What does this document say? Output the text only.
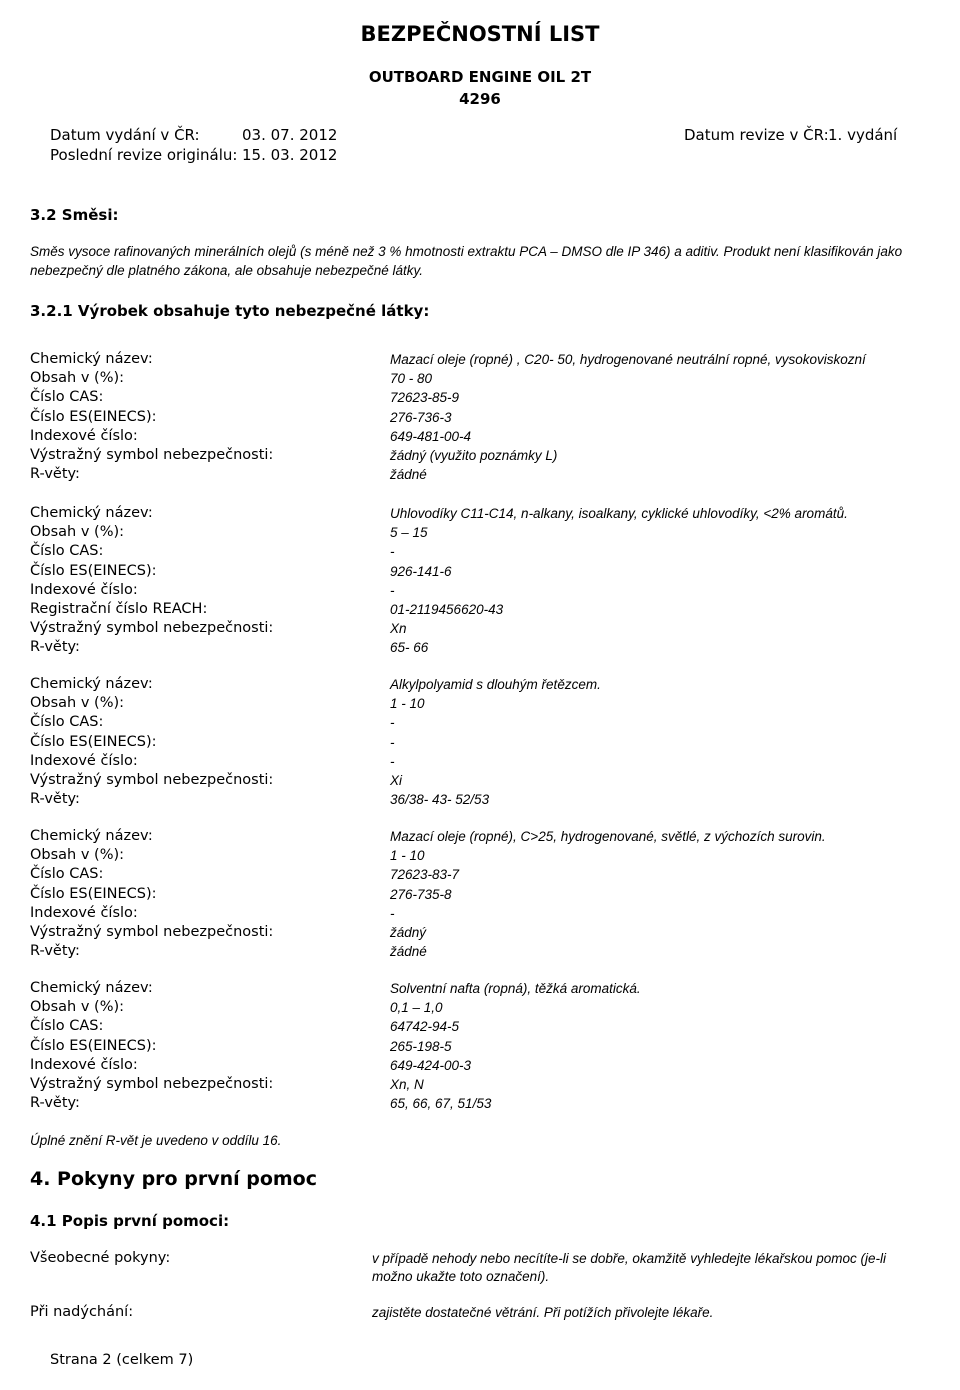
BEZPEČNOSTNÍ LIST
OUTBOARD ENGINE OIL 2T
4296
Datum vydání v ČR:	03. 07. 2012
Poslední revize originálu: 15. 03. 2012
Datum revize v ČR: 1. vydání
3.2 Směsi:
Směs vysoce rafinovaných minerálních olejů (s méně než 3 % hmotnosti extraktu PCA – DMSO dle IP 346) a aditiv. Produkt není klasifikován jako
nebezpečný dle platného zákona, ale obsahuje nebezpečné látky.
3.2.1 Výrobek obsahuje tyto nebezpečné látky:
Chemický název:	Mazací oleje (ropné) , C20- 50, hydrogenované neutrální ropné, vysokoviskozní
Obsah v (%):	70 - 80
Číslo CAS:	72623-85-9
Číslo ES(EINECS):	276-736-3
Indexové číslo:	649-481-00-4
Výstražný symbol nebezpečnosti:	žádný (využito poznámky L)
R-věty:	žádné
Chemický název:	Uhlovodíky C11-C14, n-alkany, isoalkany, cyklické uhlovodíky, <2% aromátů.
Obsah v (%):	5 – 15
Číslo CAS:	-
Číslo ES(EINECS):	926-141-6
Indexové číslo:	-
Registrační číslo REACH:	01-2119456620-43
Výstražný symbol nebezpečnosti:	Xn
R-věty:	65- 66
Chemický název:	Alkylpolyamid s dlouhým řetězcem.
Obsah v (%):	1 - 10
Číslo CAS:	-
Číslo ES(EINECS):	-
Indexové číslo:	-
Výstražný symbol nebezpečnosti:	Xi
R-věty:	36/38- 43- 52/53
Chemický název:	Mazací oleje (ropné), C>25, hydrogenované, světlé, z výchozích surovin.
Obsah v (%):	1 - 10
Číslo CAS:	72623-83-7
Číslo ES(EINECS):	276-735-8
Indexové číslo:	-
Výstražný symbol nebezpečnosti:	žádný
R-věty:	žádné
Chemický název:	Solventní nafta (ropná), těžká aromatická.
Obsah v (%):	0,1 – 1,0
Číslo CAS:	64742-94-5
Číslo ES(EINECS):	265-198-5
Indexové číslo:	649-424-00-3
Výstražný symbol nebezpečnosti:	Xn, N
R-věty:	65, 66, 67, 51/53
Úplné znění R-vět je uvedeno v oddílu 16.
4. Pokyny pro první pomoc
4.1 Popis první pomoci:
Všeobecné pokyny:	v případě nehody nebo necítíte-li se dobře, okamžitě vyhledejte lékařskou pomoc (je-li možno ukažte toto označení).
Při nadýchání:	zajistěte dostatečné větrání. Při potížích přivolejte lékaře.
Strana 2 (celkem 7)
